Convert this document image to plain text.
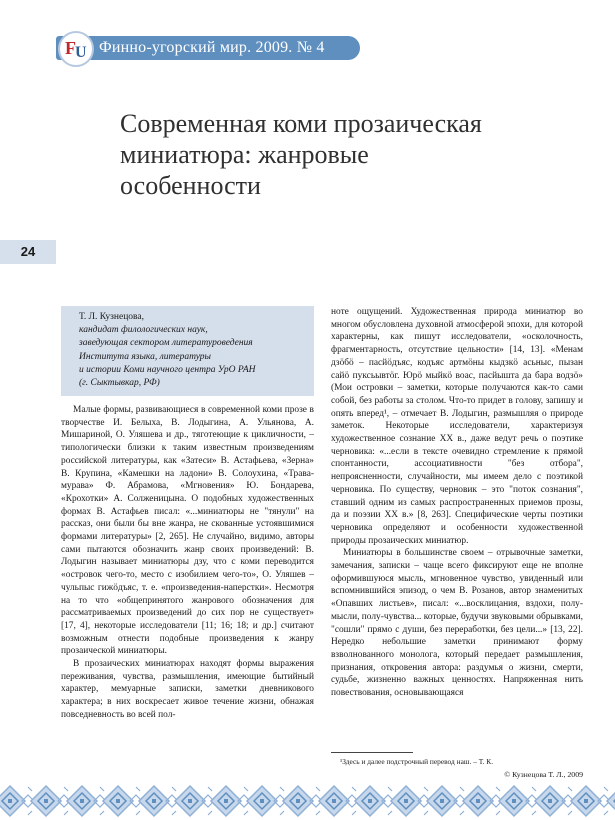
F U Финно-угорский мир. 2009. № 4
24
Современная коми прозаическая
миниатюра: жанровые
особенности
Т. Л. Кузнецова,
кандидат филологических наук,
заведующая сектором литературоведения
Института языка, литературы
и истории Коми научного центра УрО РАН
(г. Сыктывкар, РФ)

Малые формы, развивающиеся в современной коми прозе в творчестве И. Белыха, В. Лодыгина, А. Ульянова, А. Мишариной, О. Уляшева и др., тяготеющие к цикличности, – типологически близки к таким известным произведениям российской литературы, как «Затеси» В. Астафьева, «Зерна» В. Крупина, «Камешки на ладони» В. Солоухина, «Трава-мурава» Ф. Абрамова, «Мгновения» Ю. Бондарева, «Крохотки» А. Солженицына. О подобных художественных формах В. Астафьев писал: «...миниатюры не "тянули" на рассказ, они были бы вне жанра, не скованные устоявшимися формами литературы» [2, 265]. Не случайно, видимо, авторы сами пытаются обозначить жанр своих произведений: В. Лодыгин называет миниатюры дзу, что с коми переводится «островок чего-то, место с изобилием чего-то», О. Уляшев – чульпыс гижӧдъяс, т. е. «произведения-наперстки». Несмотря на то что «общепринятого жанрового обозначения для рассматриваемых произведений до сих пор не существует» [17, 4], некоторые исследователи [11; 16; 18; и др.] считают возможным отнести подобные произведения к жанру прозаической миниатюры.

В прозаических миниатюрах находят формы выражения переживания, чувства, размышления, имеющие бытийный характер, мемуарные записки, заметки дневникового характера; в них воскресает живое течение жизни, обнажая повседневность во всей пол-

ноте ощущений. Художественная природа миниатюр во многом обусловлена духовной атмосферой эпохи, для которой характерны, как пишут исследователи, «осколочность, фрагментарность, отсутствие цельности» [14, 13]. «Менам дзӧбӧ – пасйӧдъяс, кодъяс артмӧны кыдзкӧ асьныс, пызан сайӧ пуксьывтӧг. Юрӧ мыйкӧ воас, пасйышта да бара водзӧ» (Мои островки – заметки, которые получаются как-то сами собой, без работы за столом. Что-то придет в голову, запишу и опять вперед¹, – отмечает В. Лодыгин, размышляя о природе заметок. Некоторые исследователи, характеризуя художественное сознание XX в., даже ведут речь о поэтике черновика: «...если в тексте очевидно стремление к прямой спонтанности, ассоциативности "без отбора", непроясненности, случайности, мы имеем дело с поэтикой черновика. По существу, черновик – это "поток сознания", ставший одним из самых распространенных приемов прозы, да и поэзии XX в.» [8, 263]. Специфические черты поэтики черновика определяют и особенности художественной природы прозаических миниатюр.

Миниатюры в большинстве своем – отрывочные заметки, замечания, записки – чаще всего фиксируют еще не вполне оформившуюся мысль, мгновенное чувство, увиденный или вспомнившийся эпизод, о чем В. Розанов, автор знаменитых «Опавших листьев», писал: «...восклицания, вздохи, полу-мысли, полу-чувства... которые, будучи звуковыми обрывками, "сошли" прямо с души, без переработки, без цели...» [13, 22]. Нередко небольшие заметки принимают форму взволнованного монолога, который передает размышления, признания, откровения автора: раздумья о жизни, смерти, судьбе, жизненно важных ценностях. Напряженная нить повествования, основывающаяся

¹Здесь и далее подстрочный перевод наш. – Т. К.
© Кузнецова Т. Л., 2009
